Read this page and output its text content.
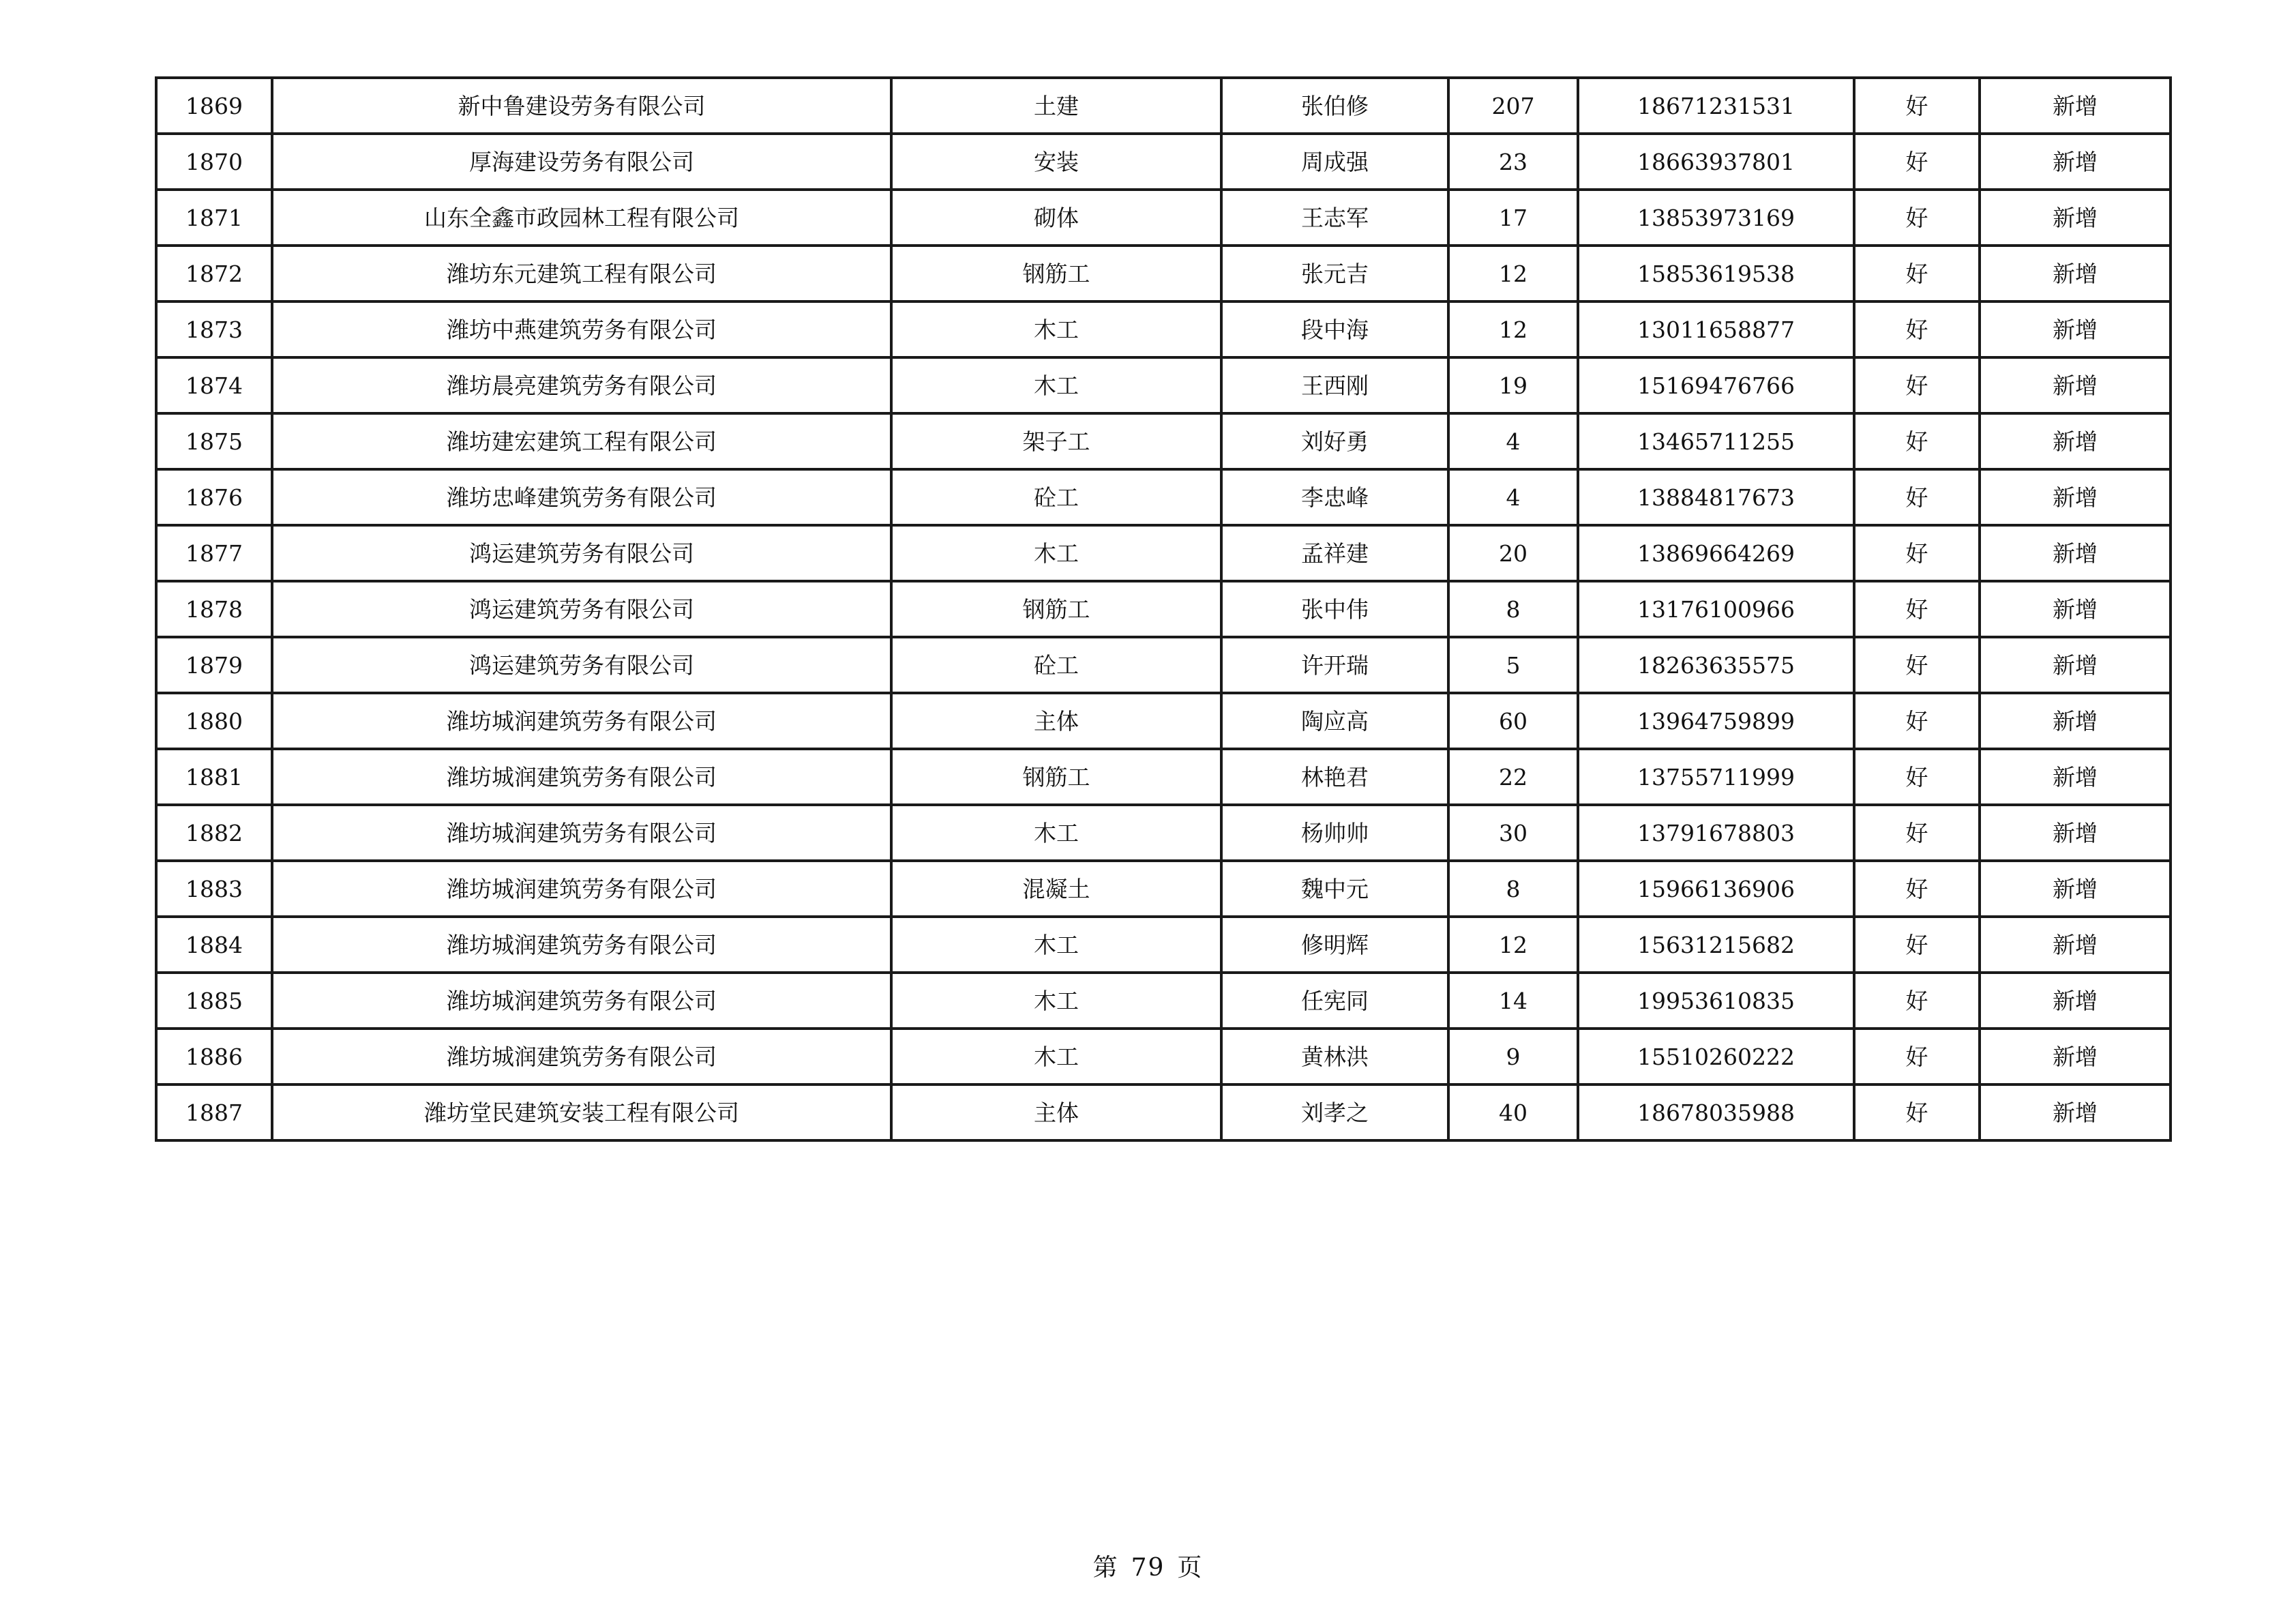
1869	新中鲁建设劳务有限公司	土建	张伯修	207	18671231531	好	新增
1870	厚海建设劳务有限公司	安装	周成强	23	18663937801	好	新增
1871	山东全鑫市政园林工程有限公司	砌体	王志军	17	13853973169	好	新增
1872	潍坊东元建筑工程有限公司	钢筋工	张元吉	12	15853619538	好	新增
1873	潍坊中燕建筑劳务有限公司	木工	段中海	12	13011658877	好	新增
1874	潍坊晨亮建筑劳务有限公司	木工	王西刚	19	15169476766	好	新增
1875	潍坊建宏建筑工程有限公司	架子工	刘好勇	4	13465711255	好	新增
1876	潍坊忠峰建筑劳务有限公司	砼工	李忠峰	4	13884817673	好	新增
1877	鸿运建筑劳务有限公司	木工	孟祥建	20	13869664269	好	新增
1878	鸿运建筑劳务有限公司	钢筋工	张中伟	8	13176100966	好	新增
1879	鸿运建筑劳务有限公司	砼工	许开瑞	5	18263635575	好	新增
1880	潍坊城润建筑劳务有限公司	主体	陶应高	60	13964759899	好	新增
1881	潍坊城润建筑劳务有限公司	钢筋工	林艳君	22	13755711999	好	新增
1882	潍坊城润建筑劳务有限公司	木工	杨帅帅	30	13791678803	好	新增
1883	潍坊城润建筑劳务有限公司	混凝土	魏中元	8	15966136906	好	新增
1884	潍坊城润建筑劳务有限公司	木工	修明辉	12	15631215682	好	新增
1885	潍坊城润建筑劳务有限公司	木工	任宪同	14	19953610835	好	新增
1886	潍坊城润建筑劳务有限公司	木工	黄林洪	9	15510260222	好	新增
1887	潍坊堂民建筑安装工程有限公司	主体	刘孝之	40	18678035988	好	新增
第 79 页
